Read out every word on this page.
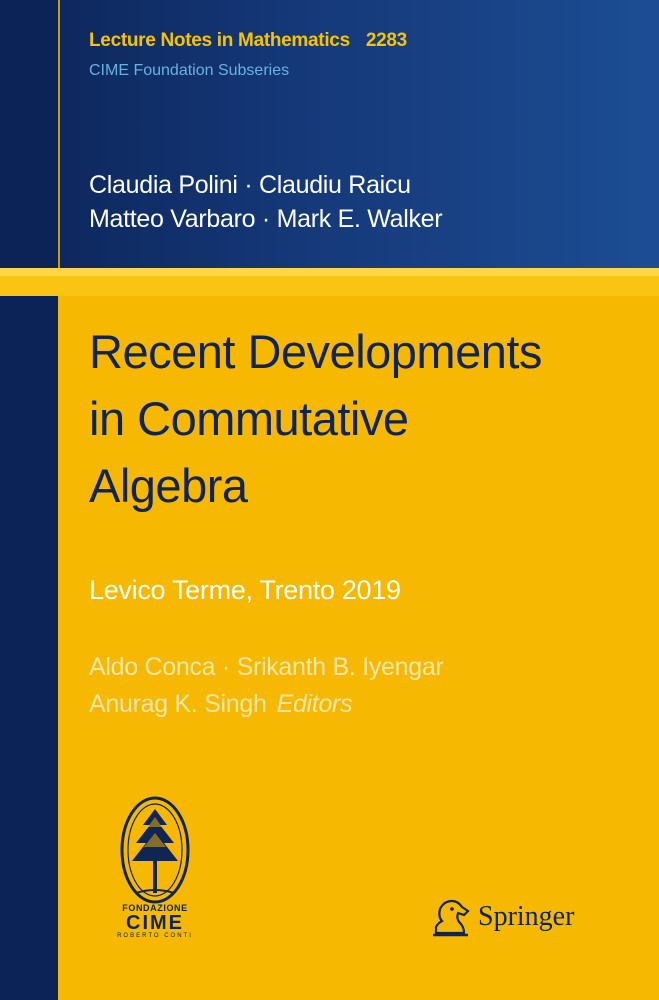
Lecture Notes in Mathematics 2283
CIME Foundation Subseries
Claudia Polini · Claudiu Raicu
Matteo Varbaro · Mark E. Walker
Recent Developments
in Commutative
Algebra
Levico Terme, Trento 2019
Aldo Conca · Srikanth B. Iyengar
Anurag K. Singh Editors
FONDAZIONE
CIME
ROBERTO CONTI
Springer
